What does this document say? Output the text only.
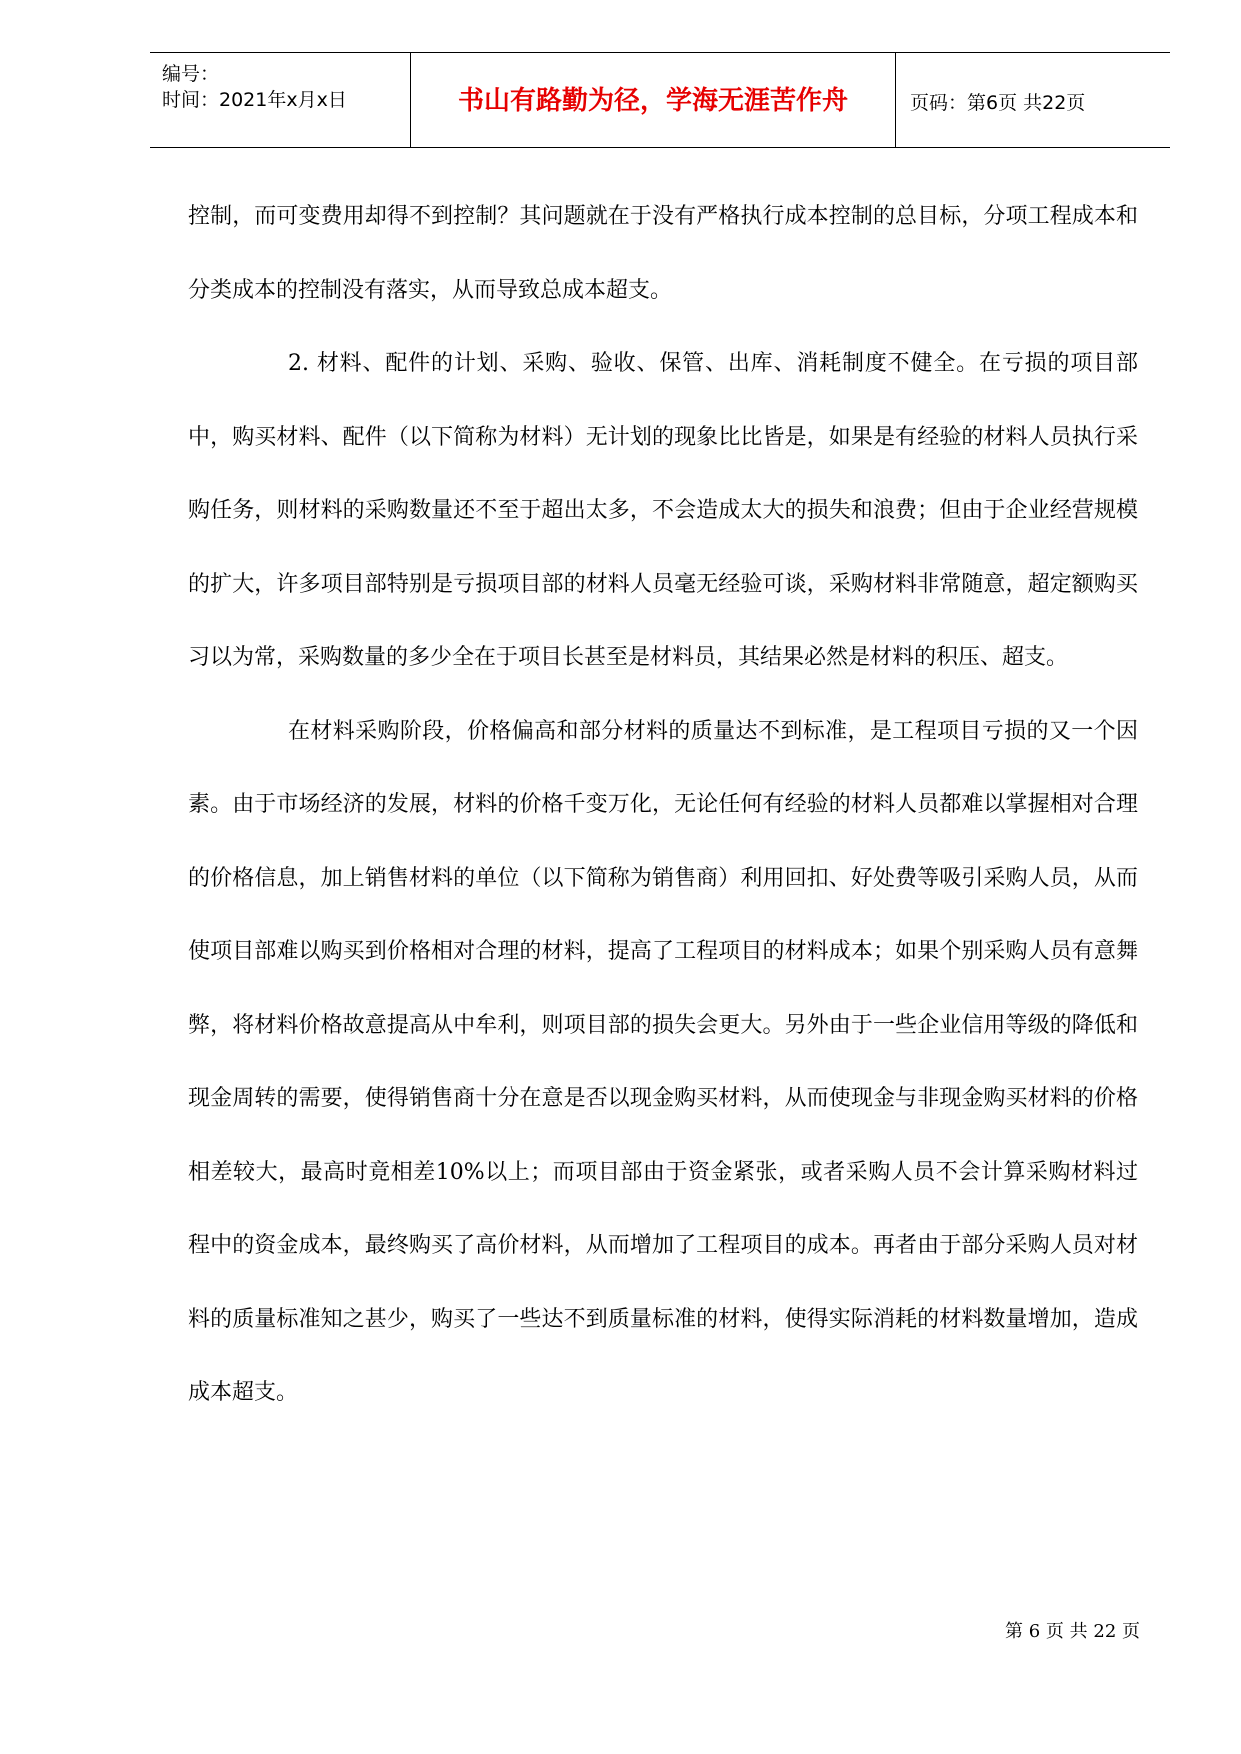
编号：
时间：2021年x月x日	书山有路勤为径，学海无涯苦作舟	页码：第6页 共22页

控制，而可变费用却得不到控制？其问题就在于没有严格执行成本控制的总目标，分项工程成本和分类成本的控制没有落实，从而导致总成本超支。

2. 材料、配件的计划、采购、验收、保管、出库、消耗制度不健全。在亏损的项目部中，购买材料、配件（以下简称为材料）无计划的现象比比皆是，如果是有经验的材料人员执行采购任务，则材料的采购数量还不至于超出太多，不会造成太大的损失和浪费；但由于企业经营规模的扩大，许多项目部特别是亏损项目部的材料人员毫无经验可谈，采购材料非常随意，超定额购买习以为常，采购数量的多少全在于项目长甚至是材料员，其结果必然是材料的积压、超支。

在材料采购阶段，价格偏高和部分材料的质量达不到标准，是工程项目亏损的又一个因素。由于市场经济的发展，材料的价格千变万化，无论任何有经验的材料人员都难以掌握相对合理的价格信息，加上销售材料的单位（以下简称为销售商）利用回扣、好处费等吸引采购人员，从而使项目部难以购买到价格相对合理的材料，提高了工程项目的材料成本；如果个别采购人员有意舞弊，将材料价格故意提高从中牟利，则项目部的损失会更大。另外由于一些企业信用等级的降低和现金周转的需要，使得销售商十分在意是否以现金购买材料，从而使现金与非现金购买材料的价格相差较大，最高时竟相差10%以上；而项目部由于资金紧张，或者采购人员不会计算采购材料过程中的资金成本，最终购买了高价材料，从而增加了工程项目的成本。再者由于部分采购人员对材料的质量标准知之甚少，购买了一些达不到质量标准的材料，使得实际消耗的材料数量增加，造成成本超支。

第 6 页 共 22 页
